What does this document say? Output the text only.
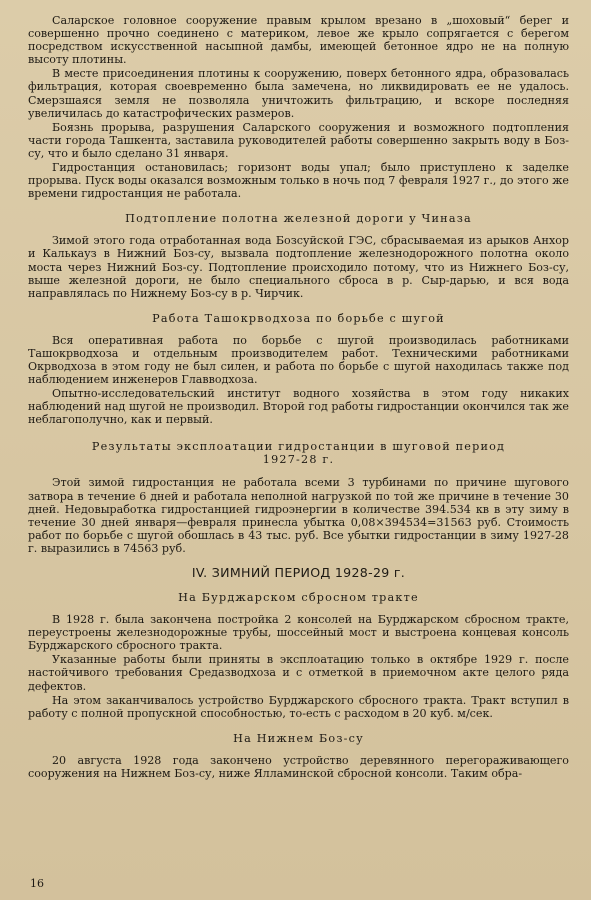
Саларское головное сооружение правым крылом врезано в „шоховый“ берег и совершенно прочно соединено с материком, левое же крыло сопрягается с берегом посредством искусственной насыпной дамбы, имеющей бетонное ядро не на полную высоту плотины.

В месте присоединения плотины к сооружению, поверх бетонного ядра, образовалась фильтрация, которая своевременно была замечена, но ликвидировать ее не удалось. Смерзшаяся земля не позволяла уничтожить фильтрацию, и вскоре последняя увеличилась до катастрофических размеров.

Боязнь прорыва, разрушения Саларского сооружения и возможного подтопления части города Ташкента, заставила руководителей работы совершенно закрыть воду в Боз-су, что и было сделано 31 января.

Гидростанция остановилась; горизонт воды упал; было приступлено к заделке прорыва. Пуск воды оказался возможным только в ночь под 7 февраля 1927 г., до этого же времени гидростанция не работала.

Подтопление полотна железной дороги у Чиназа

Зимой этого года отработанная вода Бозсуйской ГЭС, сбрасываемая из арыков Анхор и Калькауз в Нижний Боз-су, вызвала подтопление железнодорожного полотна около моста через Нижний Боз-су. Подтопление происходило потому, что из Нижнего Боз-су, выше железной дороги, не было специального сброса в р. Сыр-дарью, и вся вода направлялась по Нижнему Боз-су в р. Чирчик.

Работа Ташокрводхоза по борьбе с шугой

Вся оперативная работа по борьбе с шугой производилась работниками Ташокрводхоза и отдельным производителем работ. Техническими работниками Окрводхоза в этом году не был силен, и работа по борьбе с шугой находилась также под наблюдением инженеров Главводхоза.

Опытно-исследовательский институт водного хозяйства в этом году никаких наблюдений над шугой не производил. Второй год работы гидростанции окончился так же неблагополучно, как и первый.

Результаты эксплоатации гидростанции в шуговой период
1927-28 г.

Этой зимой гидростанция не работала всеми 3 турбинами по причине шугового затвора в течение 6 дней и работала неполной нагрузкой по той же причине в течение 30 дней. Недовыработка гидростанцией гидроэнергии в количестве 394.534 кв в эту зиму в течение 30 дней января—февраля принесла убытка 0,08×394534=31563 руб. Стоимость работ по борьбе с шугой обошлась в 43 тыс. руб. Все убытки гидростанции в зиму 1927-28 г. выразились в 74563 руб.

IV. ЗИМНИЙ ПЕРИОД 1928-29 г.
На Бурджарском сбросном тракте

В 1928 г. была закончена постройка 2 консолей на Бурджарском сбросном тракте, переустроены железнодорожные трубы, шоссейный мост и выстроена концевая консоль Бурджарского сбросного тракта.

Указанные работы были приняты в эксплоатацию только в октябре 1929 г. после настойчивого требования Средазводхоза и с отметкой в приемочном акте целого ряда дефектов.

На этом заканчивалось устройство Бурджарского сбросного тракта. Тракт вступил в работу с полной пропускной способностью, то-есть с расходом в 20 куб. м/сек.

На Нижнем Боз-су

20 августа 1928 года закончено устройство деревянного перегораживающего сооружения на Нижнем Боз-су, ниже Ялламинской сбросной консоли. Таким обра-

16
